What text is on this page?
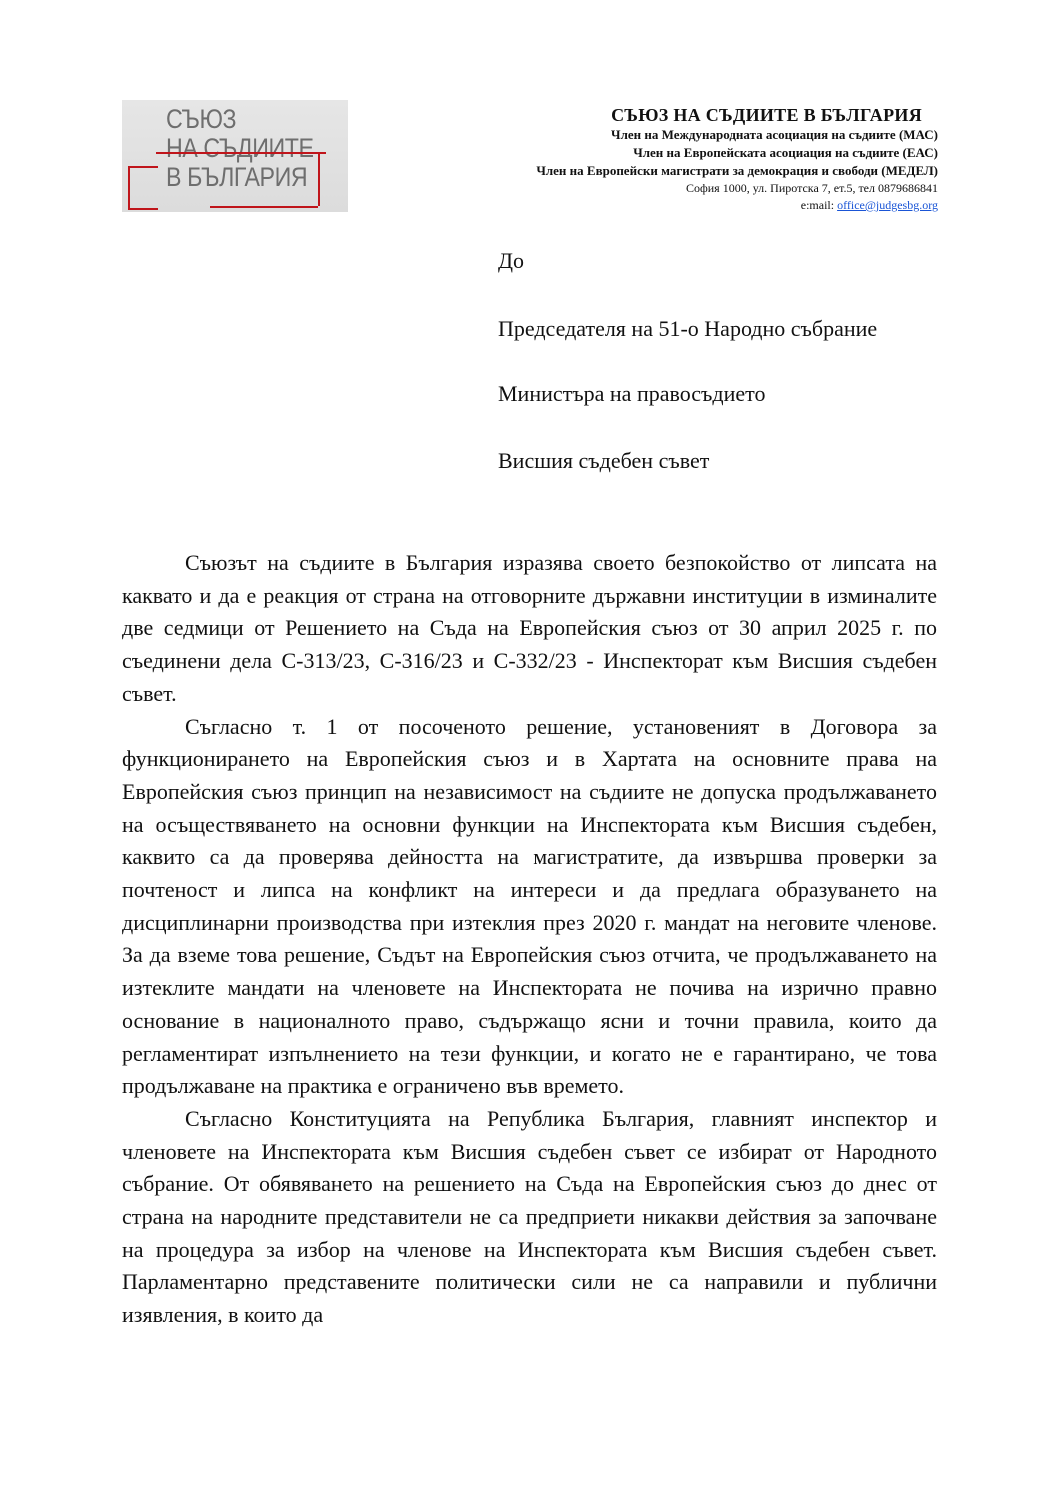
СЪЮЗ
НА СЪДИИТЕ
В БЪЛГАРИЯ
СЪЮЗ НА СЪДИИТЕ В БЪЛГАРИЯ
Член на Международната асоциация на съдиите (МАС)
Член на Европейската асоциация на съдиите (ЕАС)
Член на Европейски магистрати за демокрация и свободи (МЕДЕЛ)
София 1000, ул. Пиротска 7, ет.5, тел 0879686841
e:mail: office@judgesbg.org
До
Председателя на 51-о Народно събрание
Министъра на правосъдието
Висшия съдебен съвет

Съюзът на съдиите в България изразява своето безпокойство от липсата на каквато и да е реакция от страна на отговорните държавни институции в изминалите две седмици от Решението на Съда на Европейския съюз от 30 април 2025 г. по съединени дела С-313/23, С-316/23 и С-332/23 - Инспекторат към Висшия съдебен съвет.

Съгласно т. 1 от посоченото решение, установеният в Договора за функционирането на Европейския съюз и в Хартата на основните права на Европейския съюз принцип на независимост на съдиите не допуска продължаването на осъществяването на основни функции на Инспектората към Висшия съдебен, каквито са да проверява дейността на магистратите, да извършва проверки за почтеност и липса на конфликт на интереси и да предлага образуването на дисциплинарни производства при изтеклия през 2020 г. мандат на неговите членове. За да вземе това решение, Съдът на Европейския съюз отчита, че продължаването на изтеклите мандати на членовете на Инспектората не почива на изрично правно основание в националното право, съдържащо ясни и точни правила, които да регламентират изпълнението на тези функции, и когато не е гарантирано, че това продължаване на практика е ограничено във времето.

Съгласно Конституцията на Република България, главният инспектор и членовете на Инспектората към Висшия съдебен съвет се избират от Народното събрание. От обявяването на решението на Съда на Европейския съюз до днес от страна на народните представители не са предприети никакви действия за започване на процедура за избор на членове на Инспектората към Висшия съдебен съвет. Парламентарно представените политически сили не са направили и публични изявления, в които да
